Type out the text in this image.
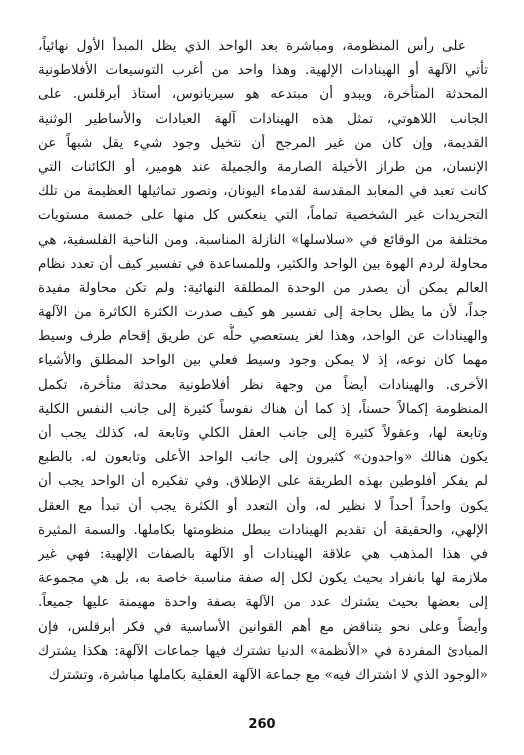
على رأس المنظومة، ومباشرة بعد الواحد الذي يظل المبدأ الأول نهائياً،
تأتي الآلهة أو الهينادات الإلهية. وهذا واحد من أغرب التوسيعات الأفلاطونية
المحدثة المتأخرة، ويبدو أن مبتدعه هو سيريانوس، أستاذ أبرقلس. على
الجانب اللاهوتي، تمثل هذه الهينادات آلهة العبادات والأساطير الوثنية
القديمة، وإن كان من غير المرجح أن نتخيل وجود شيء يقل شبهاً عن
الإنسان، من طراز الأخيلة الصارمة والجميلة عند هومير، أو الكائنات التي
كانت تعبد في المعابد المقدسة لقدماء اليونان، وتصور تماثيلها العظيمة من تلك
التجريدات غير الشخصية تماماً، التي ينعكس كل منها على خمسة مستويات
مختلفة من الوقائع في «سلاسلها» النازلة المناسبة. ومن الناحية الفلسفية، هي
محاولة لردم الهوة بين الواحد والكثير، وللمساعدة في تفسير كيف أن تعدد نظام
العالم يمكن أن يصدر من الوحدة المطلقة النهائية: ولم تكن محاولة مفيدة
جداً، لأن ما يظل بحاجة إلى تفسير هو كيف صدرت الكثرة الكاثرة من الآلهة
والهينادات عن الواحد، وهذا لغز يستعصي حلُّه عن طريق إقحام طرف وسيط
مهما كان نوعه، إذ لا يمكن وجود وسيط فعلي بين الواحد المطلق والأشياء
الأخرى. والهينادات أيضاً من وجهة نظر أفلاطونية محدثة متأخرة، تكمل
المنظومة إكمالاً حسناً، إذ كما أن هناك نفوساً كثيرة إلى جانب النفس الكلية
وتابعة لها، وعقولاً كثيرة إلى جانب العقل الكلي وتابعة له، كذلك يجب أن
يكون هنالك «واحدون» كثيرون إلى جانب الواحد الأعلى وتابعون له. بالطبع
لم يفكر أفلوطين بهذه الطريقة على الإطلاق. وفي تفكيره أن الواحد يجب أن
يكون واحداً أحداً لا نظير له، وأن التعدد أو الكثرة يجب أن تبدأ مع العقل
الإلهي، والحقيقة أن تقديم الهينادات يبطل منظومتها بكاملها. والسمة المثيرة
في هذا المذهب هي علاقة الهينادات أو الآلهة بالصفات الإلهية: فهي غير
ملازمة لها بانفراد بحيث يكون لكل إله صفة مناسبة خاصة به، بل هي مجموعة
إلى بعضها بحيث يشترك عدد من الآلهة بصفة واحدة مهيمنة عليها جميعاً.
وأيضاً وعلى نحو يتناقض مع أهم القوانين الأساسية في فكر أبرقلس، فإن
المبادئ المفردة في «الأنظمة» الدنيا تشترك فيها جماعات الآلهة: هكذا يشترك
«الوجود الذي لا اشتراك فيه» مع جماعة الآلهة العقلية بكاملها مباشرة، وتشترك
260
